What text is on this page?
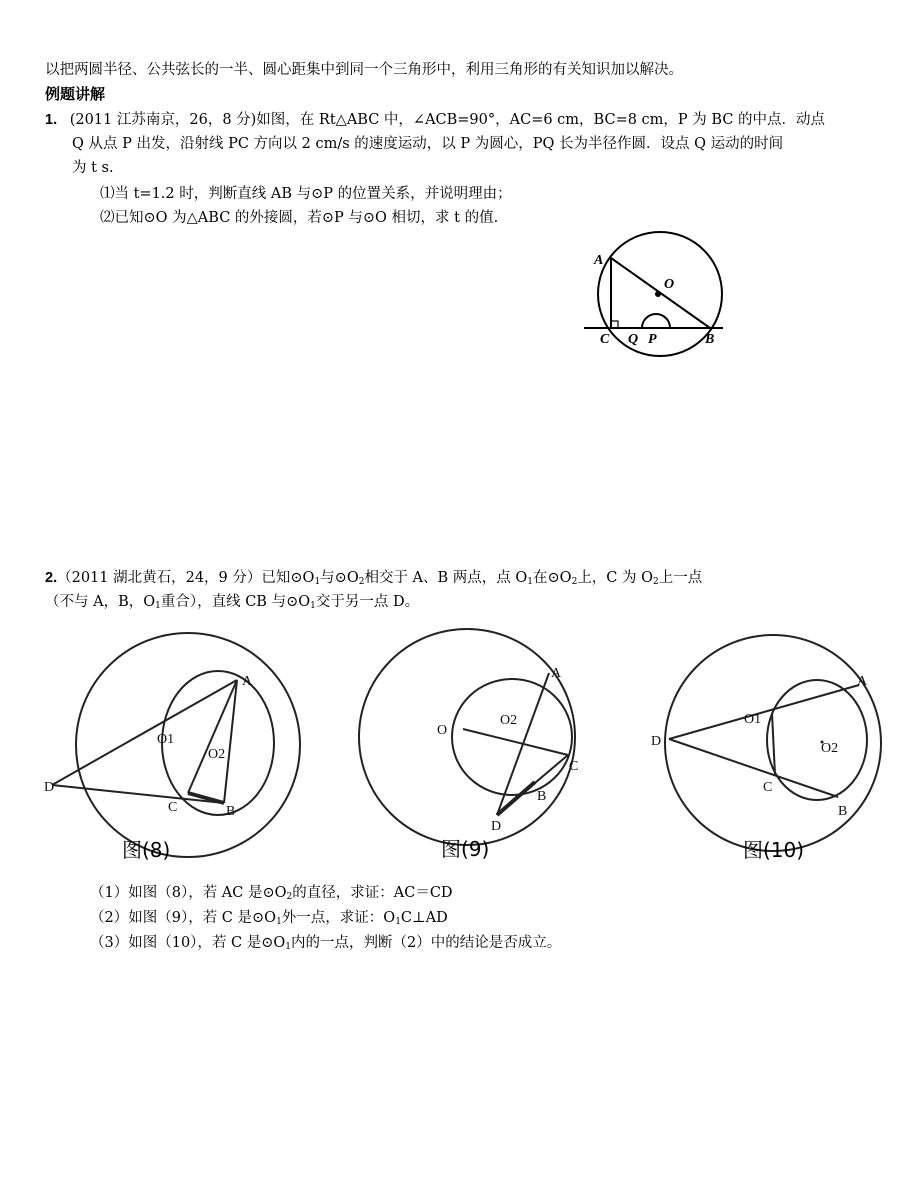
以把两圆半径、公共弦长的一半、圆心距集中到同一个三角形中，利用三角形的有关知识加以解决。
例题讲解
1. (2011 江苏南京，26，8 分)如图，在 Rt△ABC 中，∠ACB=90°，AC=6 cm，BC=8 cm，P 为 BC 的中点．动点
Q 从点 P 出发，沿射线 PC 方向以 2 cm/s 的速度运动，以 P 为圆心，PQ 长为半径作圆．设点 Q 运动的时间
为 t s.
⑴当 t=1.2 时，判断直线 AB 与⊙P 的位置关系，并说明理由；
⑵已知⊙O 为△ABC 的外接圆，若⊙P 与⊙O 相切，求 t 的值.
A
O
C Q P	B
2.（2011 湖北黄石，24，9 分）已知$⊙O_1$与$⊙O_2$相交于 A、B 两点，点 $O_1$在$⊙O_2$上，C 为 $O_2$上一点
（不与 A，B，$O_1$重合），直线 CB 与$⊙O_1$交于另一点 D。
A
O1
O2
D
C	B
图(8)
A
O
O2
C
B
D
图(9)
A
D
O1
O2
C
B
图(10)
（1）如图（8），若 AC 是$⊙O_2$的直径，求证：AC＝CD
（2）如图（9），若 C 是$⊙O_1$外一点，求证：$O_1C\perp AD$
（3）如图（10），若 C 是$⊙O_1$内的一点，判断（2）中的结论是否成立。
